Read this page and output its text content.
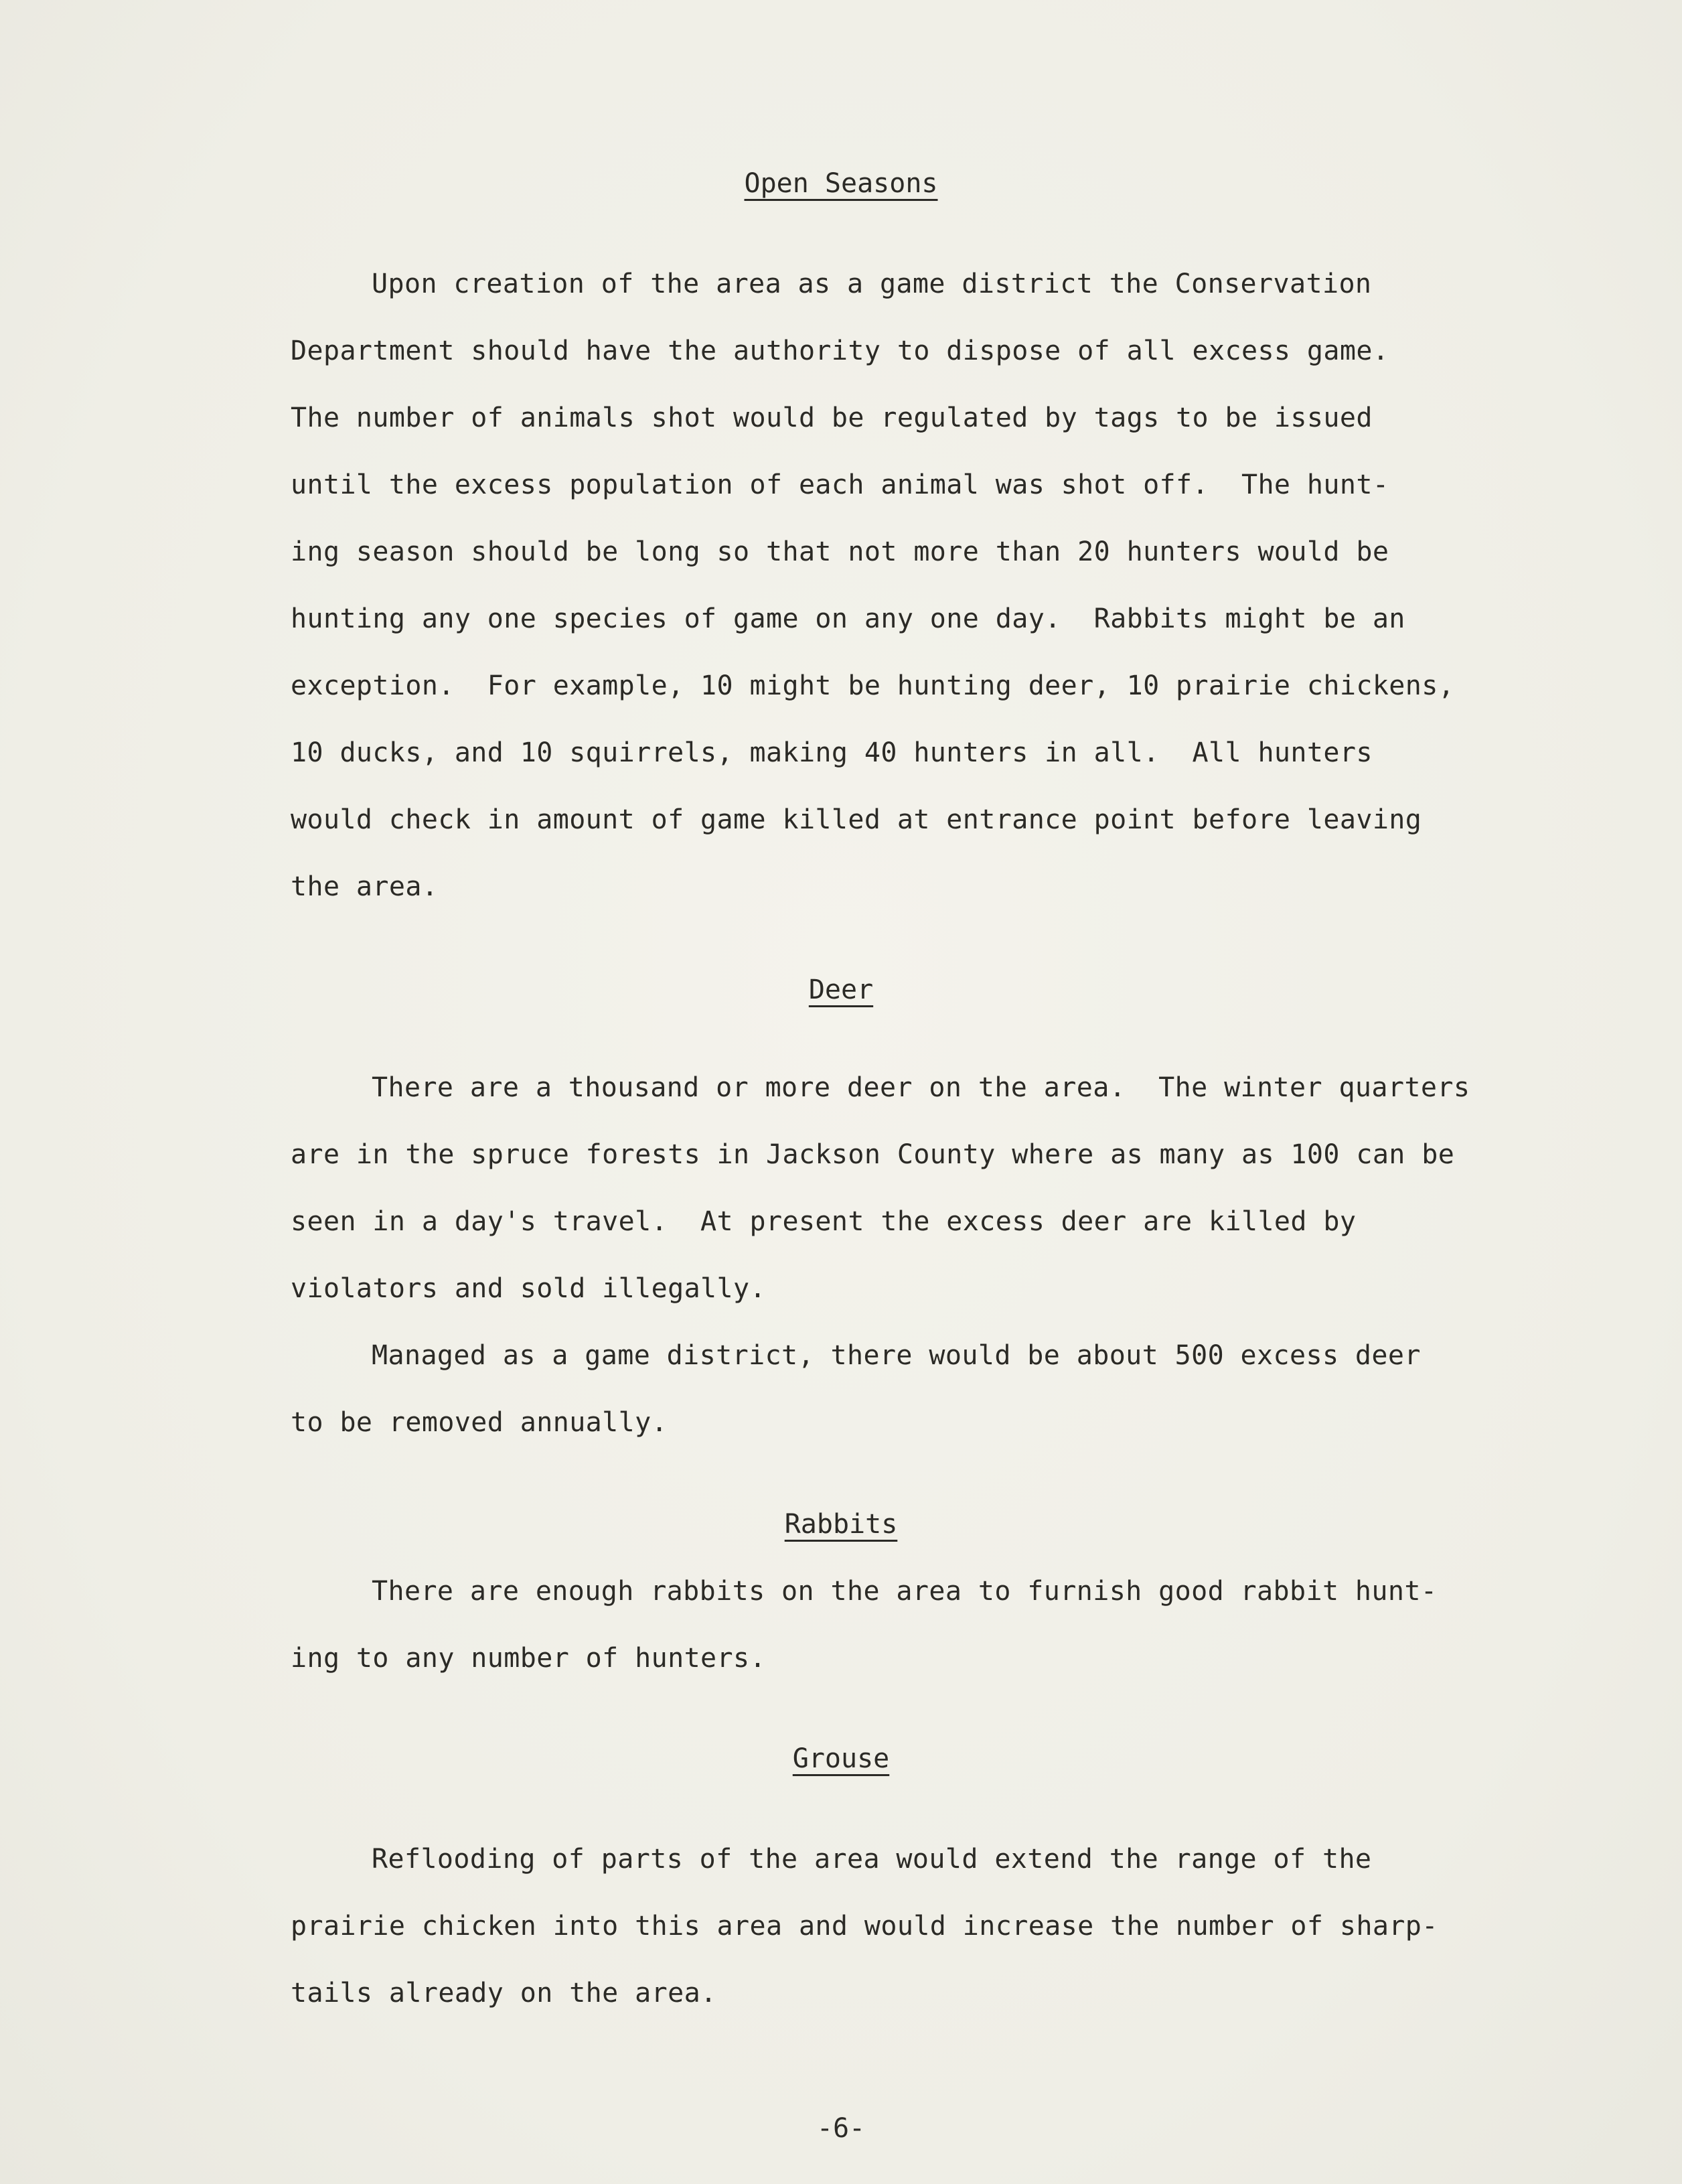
Open Seasons
Upon creation of the area as a game district the Conservation
Department should have the authority to dispose of all excess game.
The number of animals shot would be regulated by tags to be issued
until the excess population of each animal was shot off.  The hunt-
ing season should be long so that not more than 20 hunters would be
hunting any one species of game on any one day.  Rabbits might be an
exception.  For example, 10 might be hunting deer, 10 prairie chickens,
10 ducks, and 10 squirrels, making 40 hunters in all.  All hunters
would check in amount of game killed at entrance point before leaving
the area.
Deer
There are a thousand or more deer on the area.  The winter quarters
are in the spruce forests in Jackson County where as many as 100 can be
seen in a day's travel.  At present the excess deer are killed by
violators and sold illegally.
Managed as a game district, there would be about 500 excess deer
to be removed annually.
Rabbits
There are enough rabbits on the area to furnish good rabbit hunt-
ing to any number of hunters.
Grouse
Reflooding of parts of the area would extend the range of the
prairie chicken into this area and would increase the number of sharp-
tails already on the area.
-6-
